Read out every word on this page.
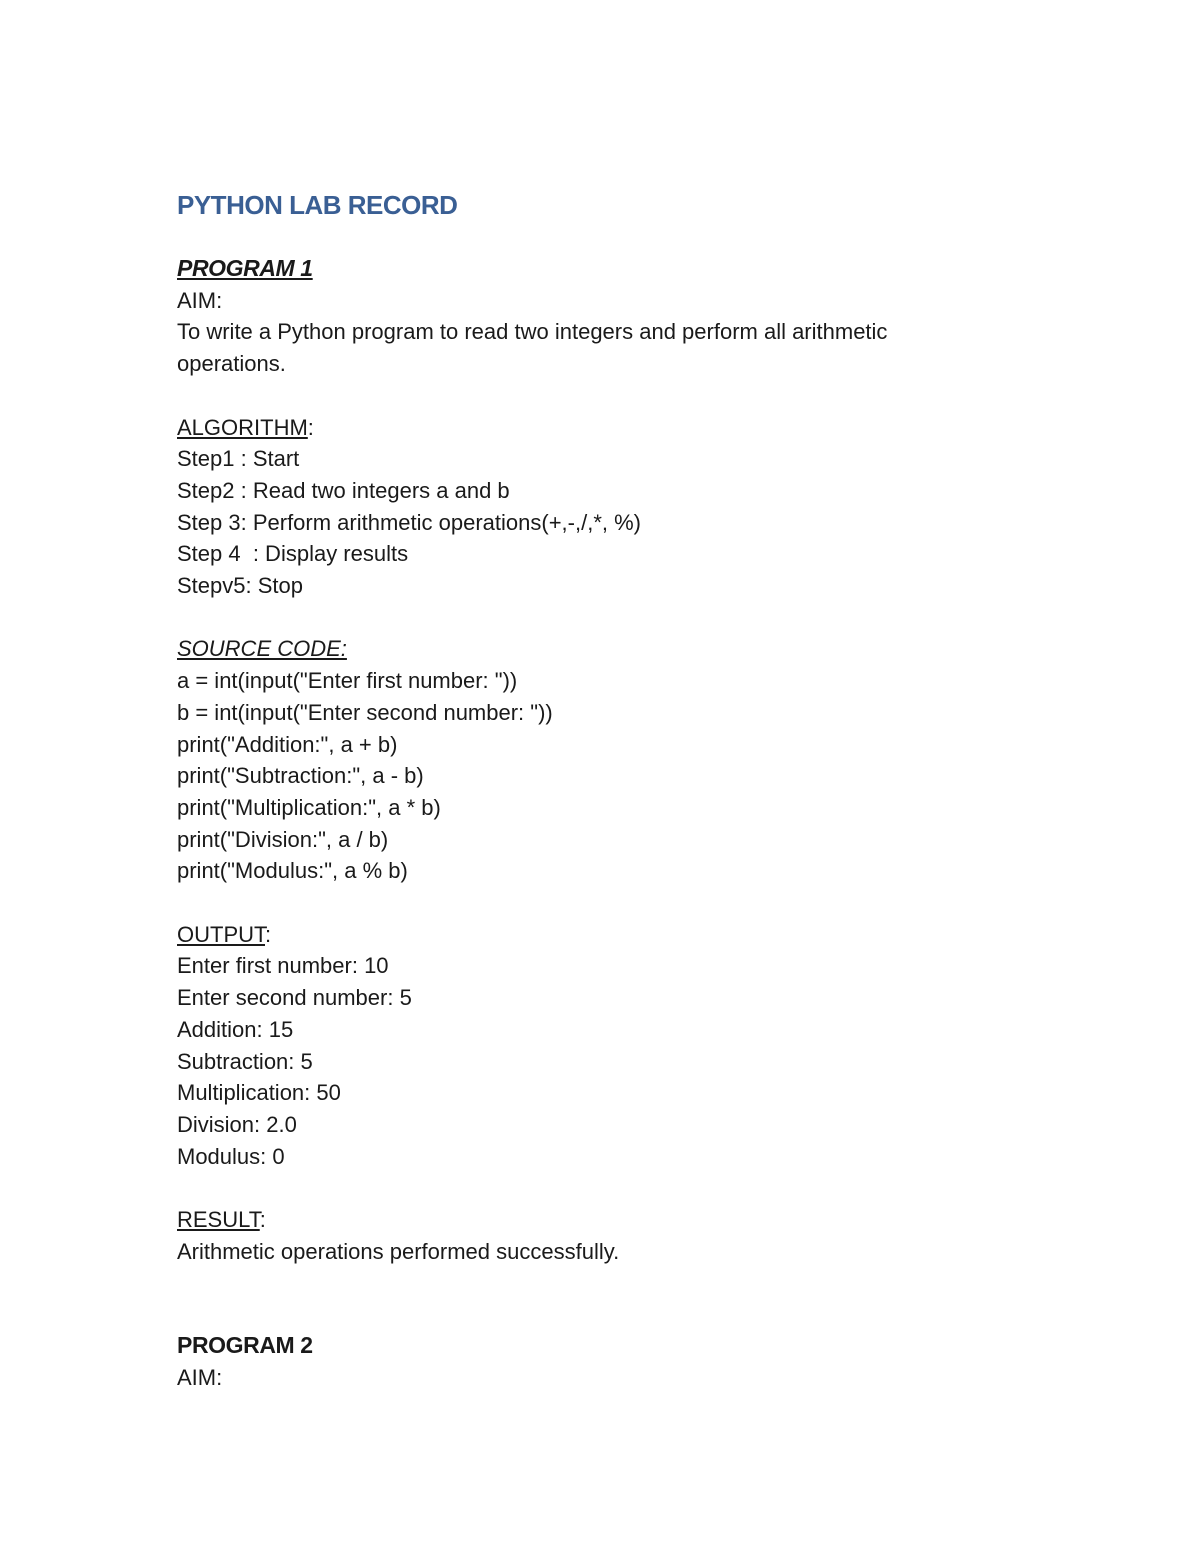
PYTHON LAB RECORD
PROGRAM 1
AIM:
To write a Python program to read two integers and perform all arithmetic
operations.
ALGORITHM:
Step1 : Start
Step2 : Read two integers a and b
Step 3: Perform arithmetic operations(+,-,/,*, %)
Step 4  : Display results
Stepv5: Stop
SOURCE CODE:
a = int(input("Enter first number: "))
b = int(input("Enter second number: "))
print("Addition:", a + b)
print("Subtraction:", a - b)
print("Multiplication:", a * b)
print("Division:", a / b)
print("Modulus:", a % b)
OUTPUT:
Enter first number: 10
Enter second number: 5
Addition: 15
Subtraction: 5
Multiplication: 50
Division: 2.0
Modulus: 0
RESULT:
Arithmetic operations performed successfully.
PROGRAM 2
AIM:
